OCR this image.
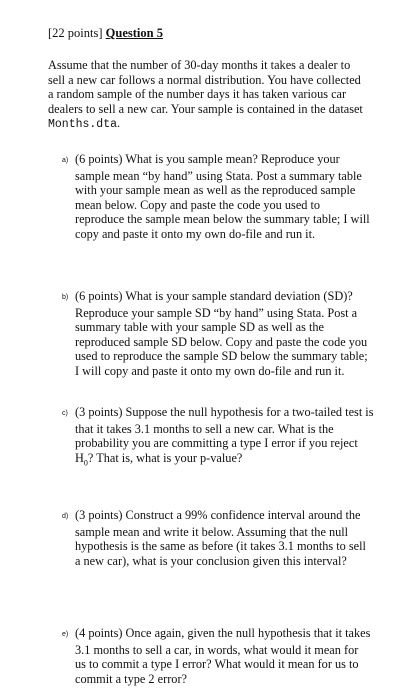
[22 points] Question 5
Assume that the number of 30-day months it takes a dealer to
sell a new car follows a normal distribution. You have collected
a random sample of the number days it has taken various car
dealers to sell a new car. Your sample is contained in the dataset
Months.dta.
a) (6 points) What is you sample mean? Reproduce your
sample mean “by hand” using Stata. Post a summary table
with your sample mean as well as the reproduced sample
mean below. Copy and paste the code you used to
reproduce the sample mean below the summary table; I will
copy and paste it onto my own do-file and run it.
b) (6 points) What is your sample standard deviation (SD)?
Reproduce your sample SD “by hand” using Stata. Post a
summary table with your sample SD as well as the
reproduced sample SD below. Copy and paste the code you
used to reproduce the sample SD below the summary table;
I will copy and paste it onto my own do-file and run it.
c) (3 points) Suppose the null hypothesis for a two-tailed test is
that it takes 3.1 months to sell a new car. What is the
probability you are committing a type I error if you reject
$H_0$? That is, what is your p-value?
d) (3 points) Construct a 99% confidence interval around the
sample mean and write it below. Assuming that the null
hypothesis is the same as before (it takes 3.1 months to sell
a new car), what is your conclusion given this interval?
e) (4 points) Once again, given the null hypothesis that it takes
3.1 months to sell a car, in words, what would it mean for
us to commit a type I error? What would it mean for us to
commit a type 2 error?
